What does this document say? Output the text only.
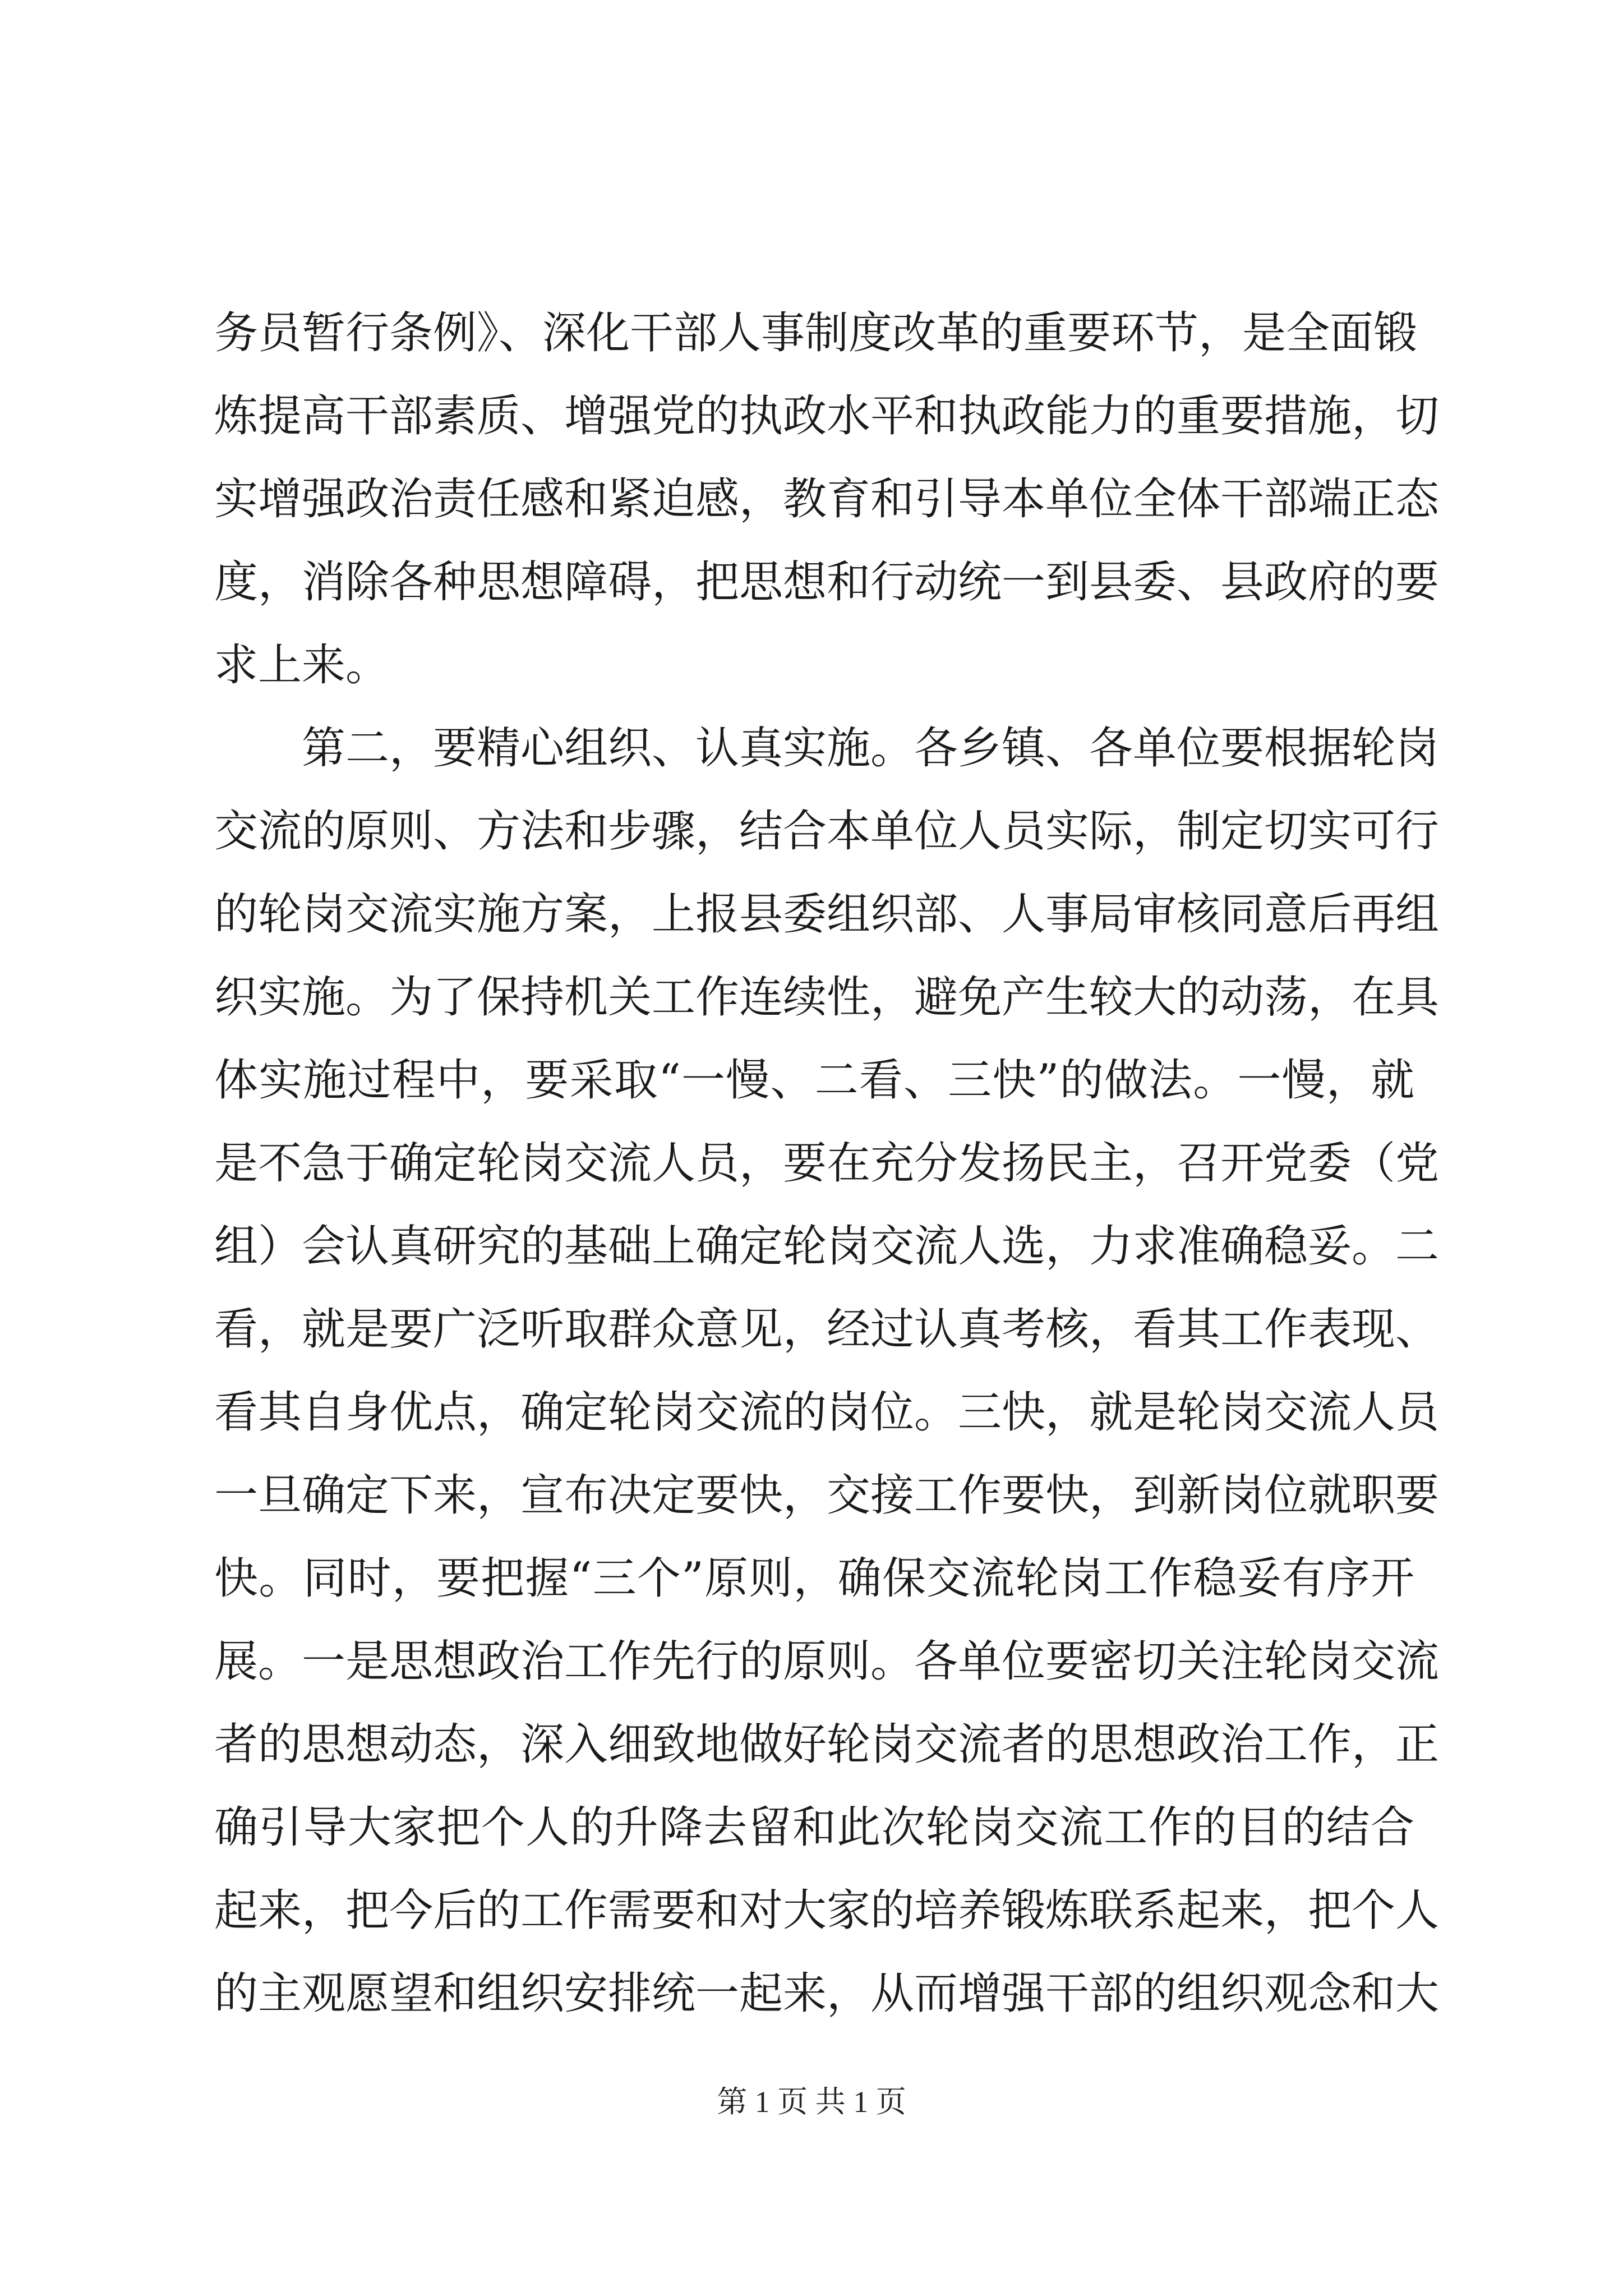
务员暂行条例》、深化干部人事制度改革的重要环节，是全面锻
炼提高干部素质、增强党的执政水平和执政能力的重要措施，切
实增强政治责任感和紧迫感，教育和引导本单位全体干部端正态
度，消除各种思想障碍，把思想和行动统一到县委、县政府的要
求上来。
第二，要精心组织、认真实施。各乡镇、各单位要根据轮岗
交流的原则、方法和步骤，结合本单位人员实际，制定切实可行
的轮岗交流实施方案，上报县委组织部、人事局审核同意后再组
织实施。为了保持机关工作连续性，避免产生较大的动荡，在具
体实施过程中，要采取“一慢、二看、三快”的做法。一慢，就
是不急于确定轮岗交流人员，要在充分发扬民主，召开党委（党
组）会认真研究的基础上确定轮岗交流人选，力求准确稳妥。二
看，就是要广泛听取群众意见，经过认真考核，看其工作表现、
看其自身优点，确定轮岗交流的岗位。三快，就是轮岗交流人员
一旦确定下来，宣布决定要快，交接工作要快，到新岗位就职要
快。同时，要把握“三个”原则，确保交流轮岗工作稳妥有序开
展。一是思想政治工作先行的原则。各单位要密切关注轮岗交流
者的思想动态，深入细致地做好轮岗交流者的思想政治工作，正
确引导大家把个人的升降去留和此次轮岗交流工作的目的结合
起来，把今后的工作需要和对大家的培养锻炼联系起来，把个人
的主观愿望和组织安排统一起来，从而增强干部的组织观念和大
第 1 页 共 1 页
